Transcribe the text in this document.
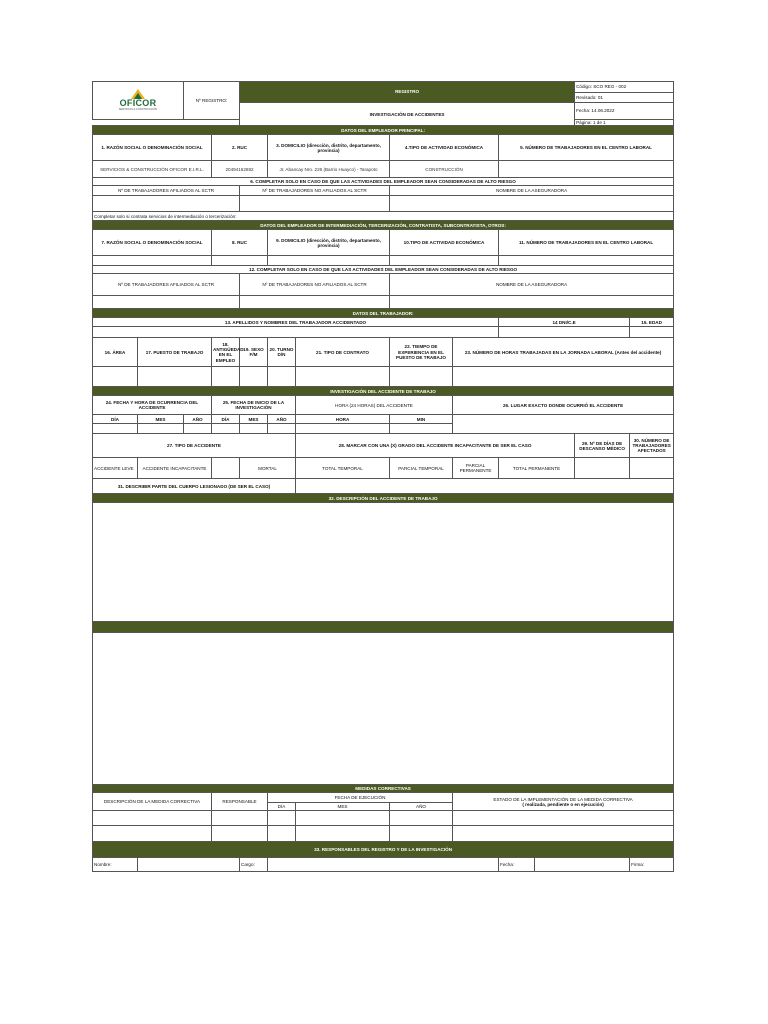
OFICOR
SERVICIOS & CONSTRUCCIÓN		Nº REGISTRO:		REGISTRO							Código: SCO REG - 002	
											Revisado: 01	
				INVESTIGACIÓN DE ACCIDENTES							Fecha: 14.06.2022	
											Página: 1 de 1	
DATOS DEL EMPLEADOR PRINCIPAL:												
1. RAZÓN SOCIAL O DENOMINACIÓN SOCIAL			2. RUC		3. DOMICILIO (dirección, distrito, departamento, provincia)		4.TIPO DE ACTIVIDAD ECONÓMICA		5. NÚMERO DE TRABAJADORES EN EL CENTRO LABORAL			
SERVICIOS & CONSTRUCCIÓN OFICOR E.I.R.L.			20494162882		Jr. Abancay Nro. 226 (Barrio Huayco) - Tarapoto		CONSTRUCCIÓN					
6. COMPLETAR SOLO EN CASO DE QUE LAS ACTIVIDADES DEL EMPLEADOR SEAN CONSIDERADAS DE ALTO RIESGO												
Nº DE TRABAJADORES AFILIADOS AL SCTR				Nº DE TRABAJADORES NO AFILIADOS AL SCTR			NOMBRE DE LA ASEGURADORA					

Completar solo si contrata servicios de intermediación o tercerización:												
DATOS DEL EMPLEADOR DE INTERMEDIACIÓN, TERCERIZACIÓN, CONTRATISTA, SUBCONTRATISTA, OTROS:												
7. RAZÓN SOCIAL O DENOMINACIÓN SOCIAL			8. RUC		9. DOMICILIO (dirección, distrito, departamento, provincia)		10.TIPO DE ACTIVIDAD ECONÓMICA		11. NÚMERO DE TRABAJADORES EN EL CENTRO LABORAL			

12. COMPLETAR SOLO EN CASO DE QUE LAS ACTIVIDADES DEL EMPLEADOR SEAN CONSIDERADAS DE ALTO RIESGO												
Nº DE TRABAJADORES AFILIADOS AL SCTR				Nº DE TRABAJADORES NO AFILIADOS AL SCTR			NOMBRE DE LA ASEGURADORA					

DATOS DEL TRABAJADOR:												
13. APELLIDOS Y NOMBRES DEL TRABAJADOR ACCIDENTADO									14 DNI/C.E			15. EDAD

16. ÁREA	17. PUESTO DE TRABAJO		18. ANTIGÜEDAD EN EL EMPLEO	19. SEXO F/M	20. TURNO D/N	21. TIPO DE CONTRATO	22. TIEMPO DE EXPERIENCIA EN EL PUESTO DE TRABAJO	23. NÚMERO DE HORAS TRABAJADAS EN LA JORNADA LABORAL (Antes del accidente)				

INVESTIGACIÓN DEL ACCIDENTE DE TRABAJO												
24. FECHA Y HORA DE OCURRENCIA DEL ACCIDENTE			25. FECHA DE INICIO DE LA INVESTIGACIÓN			HORA (24 HORAS) DEL ACCIDENTE		26. LUGAR EXACTO DONDE OCURRIÓ EL ACCIDENTE				
DÍA	MES	AÑO	DÍA	MES	AÑO	HORA	MIN					

27. TIPO DE ACCIDENTE						28. MARCAR CON UNA (X) GRADO DEL ACCIDENTE INCAPACITANTE DE SER EL CASO					29. Nº DE DÍAS DE DESCANSO MÉDICO	30. NÚMERO DE TRABAJADORES AFECTADOS
ACCIDENTE LEVE	ACCIDENTE INCAPACITANTE			MORTAL		TOTAL TEMPORAL	PARCIAL TEMPORAL	PARCIAL PERMANENTE	TOTAL PERMANENTE			
31. DESCRIBIR PARTE DEL CUERPO LESIONADO (DE SER EL CASO)												
32. DESCRIPCIÓN DEL ACCIDENTE DE TRABAJO												

MEDIDAS CORRECTIVAS												
DESCRIPCIÓN DE LA MEDIDA CORRECTIVA			RESPONSABLE		FECHA DE EJECUCIÓN			ESTADO DE LA IMPLEMENTACIÓN DE LA MEDIDA CORRECTIVA
( realizada, pendiente o en ejecución)				

					DÍA	MES	AÑO					

33. RESPONSABLES DEL REGISTRO Y DE LA INVESTIGACIÓN												
Nombre:				Cargo:					Fecha:			Firma:
